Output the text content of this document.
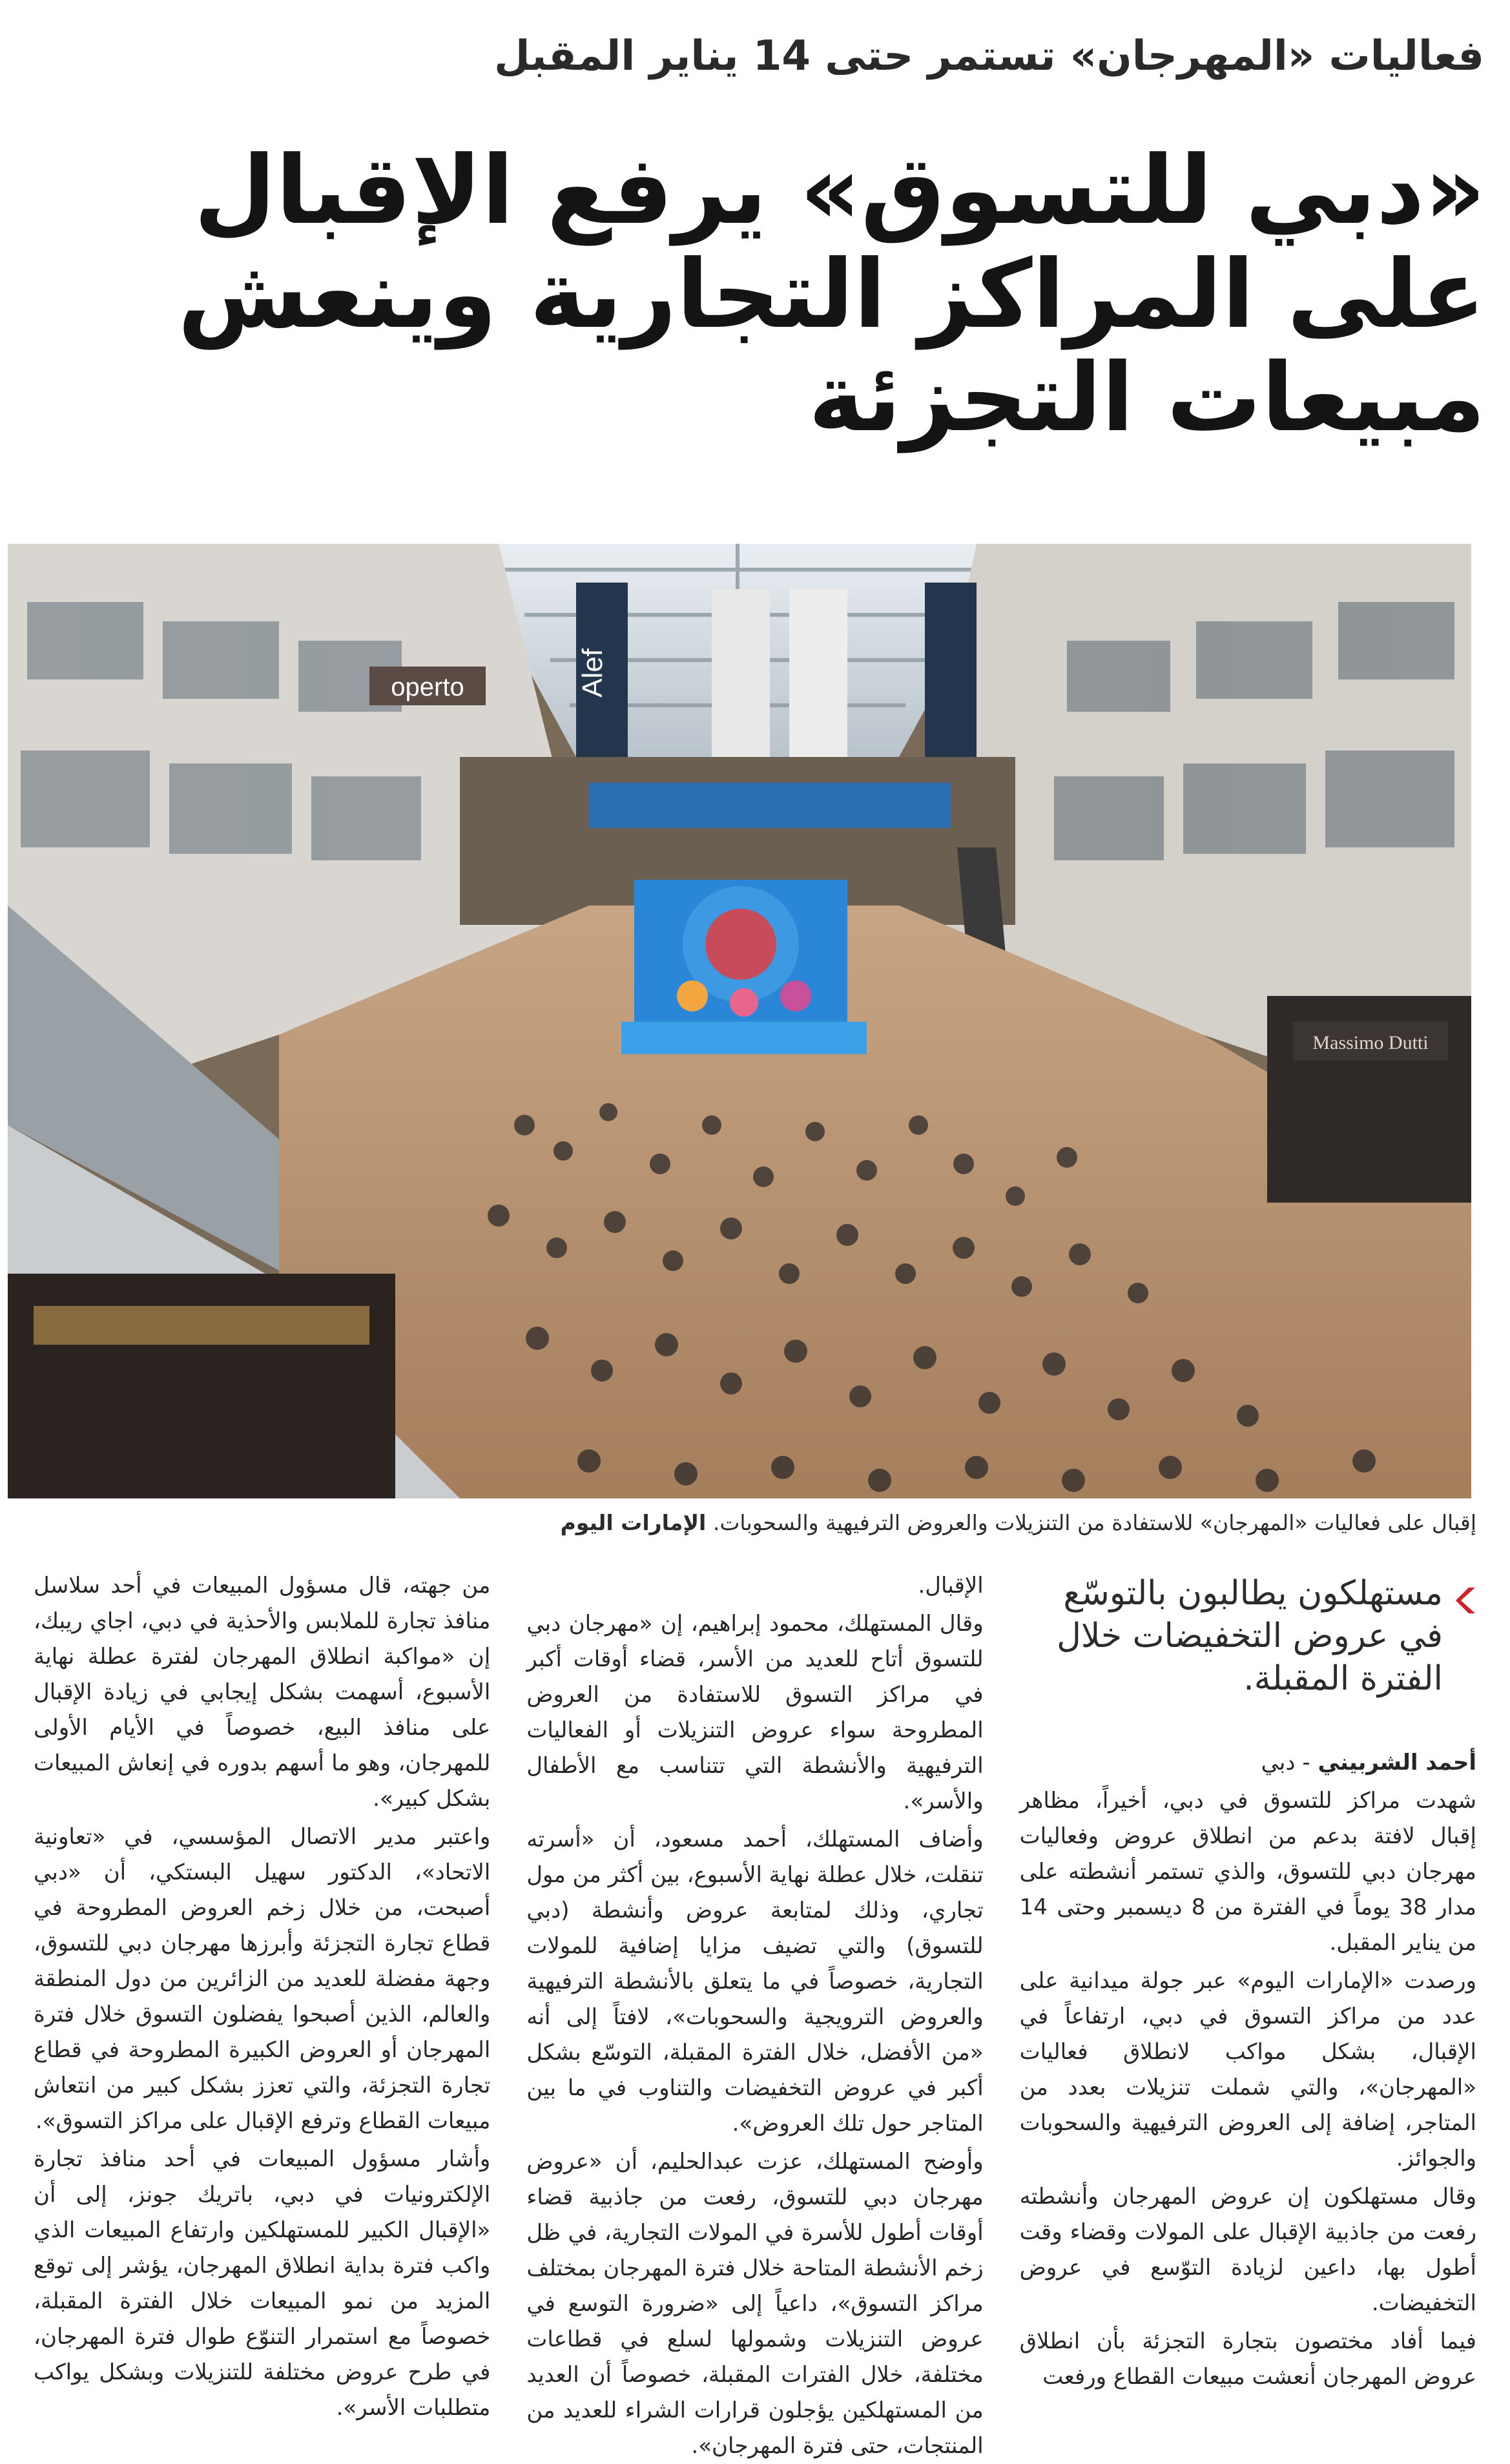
فعاليات «المهرجان» تستمر حتى 14 يناير المقبل
«دبي للتسوق» يرفع الإقبال على المراكز التجارية وينعش مبيعات التجزئة
Alef
operto
Massimo Dutti
إقبال على فعاليات «المهرجان» للاستفادة من التنزيلات والعروض الترفيهية والسحوبات. الإمارات اليوم
مستهلكون يطالبون بالتوسّع في عروض التخفيضات خلال الفترة المقبلة.

أحمد الشربيني - دبي

شهدت مراكز للتسوق في دبي، أخيراً، مظاهر إقبال لافتة بدعم من انطلاق عروض وفعاليات مهرجان دبي للتسوق، والذي تستمر أنشطته على مدار 38 يوماً في الفترة من 8 ديسمبر وحتى 14 من يناير المقبل.

ورصدت «الإمارات اليوم» عبر جولة ميدانية على عدد من مراكز التسوق في دبي، ارتفاعاً في الإقبال، بشكل مواكب لانطلاق فعاليات «المهرجان»، والتي شملت تنزيلات بعدد من المتاجر، إضافة إلى العروض الترفيهية والسحوبات والجوائز.

وقال مستهلكون إن عروض المهرجان وأنشطته رفعت من جاذبية الإقبال على المولات وقضاء وقت أطول بها، داعين لزيادة التوّسع في عروض التخفيضات.

فيما أفاد مختصون بتجارة التجزئة بأن انطلاق عروض المهرجان أنعشت مبيعات القطاع ورفعت

الإقبال.

وقال المستهلك، محمود إبراهيم، إن «مهرجان دبي للتسوق أتاح للعديد من الأسر، قضاء أوقات أكبر في مراكز التسوق للاستفادة من العروض المطروحة سواء عروض التنزيلات أو الفعاليات الترفيهية والأنشطة التي تتناسب مع الأطفال والأسر».

وأضاف المستهلك، أحمد مسعود، أن «أسرته تنقلت، خلال عطلة نهاية الأسبوع، بين أكثر من مول تجاري، وذلك لمتابعة عروض وأنشطة (دبي للتسوق) والتي تضيف مزايا إضافية للمولات التجارية، خصوصاً في ما يتعلق بالأنشطة الترفيهية والعروض الترويجية والسحوبات»، لافتاً إلى أنه «من الأفضل، خلال الفترة المقبلة، التوسّع بشكل أكبر في عروض التخفيضات والتناوب في ما بين المتاجر حول تلك العروض».

وأوضح المستهلك، عزت عبدالحليم، أن «عروض مهرجان دبي للتسوق، رفعت من جاذبية قضاء أوقات أطول للأسرة في المولات التجارية، في ظل زخم الأنشطة المتاحة خلال فترة المهرجان بمختلف مراكز التسوق»، داعياً إلى «ضرورة التوسع في عروض التنزيلات وشمولها لسلع في قطاعات مختلفة، خلال الفترات المقبلة، خصوصاً أن العديد من المستهلكين يؤجلون قرارات الشراء للعديد من المنتجات، حتى فترة المهرجان».

من جهته، قال مسؤول المبيعات في أحد سلاسل منافذ تجارة للملابس والأحذية في دبي، اجاي ريبك، إن «مواكبة انطلاق المهرجان لفترة عطلة نهاية الأسبوع، أسهمت بشكل إيجابي في زيادة الإقبال على منافذ البيع، خصوصاً في الأيام الأولى للمهرجان، وهو ما أسهم بدوره في إنعاش المبيعات بشكل كبير».

واعتبر مدير الاتصال المؤسسي، في «تعاونية الاتحاد»، الدكتور سهيل البستكي، أن «دبي أصبحت، من خلال زخم العروض المطروحة في قطاع تجارة التجزئة وأبرزها مهرجان دبي للتسوق، وجهة مفضلة للعديد من الزائرين من دول المنطقة والعالم، الذين أصبحوا يفضلون التسوق خلال فترة المهرجان أو العروض الكبيرة المطروحة في قطاع تجارة التجزئة، والتي تعزز بشكل كبير من انتعاش مبيعات القطاع وترفع الإقبال على مراكز التسوق».

وأشار مسؤول المبيعات في أحد منافذ تجارة الإلكترونيات في دبي، باتريك جونز، إلى أن «الإقبال الكبير للمستهلكين وارتفاع المبيعات الذي واكب فترة بداية انطلاق المهرجان، يؤشر إلى توقع المزيد من نمو المبيعات خلال الفترة المقبلة، خصوصاً مع استمرار التنوّع طوال فترة المهرجان، في طرح عروض مختلفة للتنزيلات وبشكل يواكب متطلبات الأسر».
